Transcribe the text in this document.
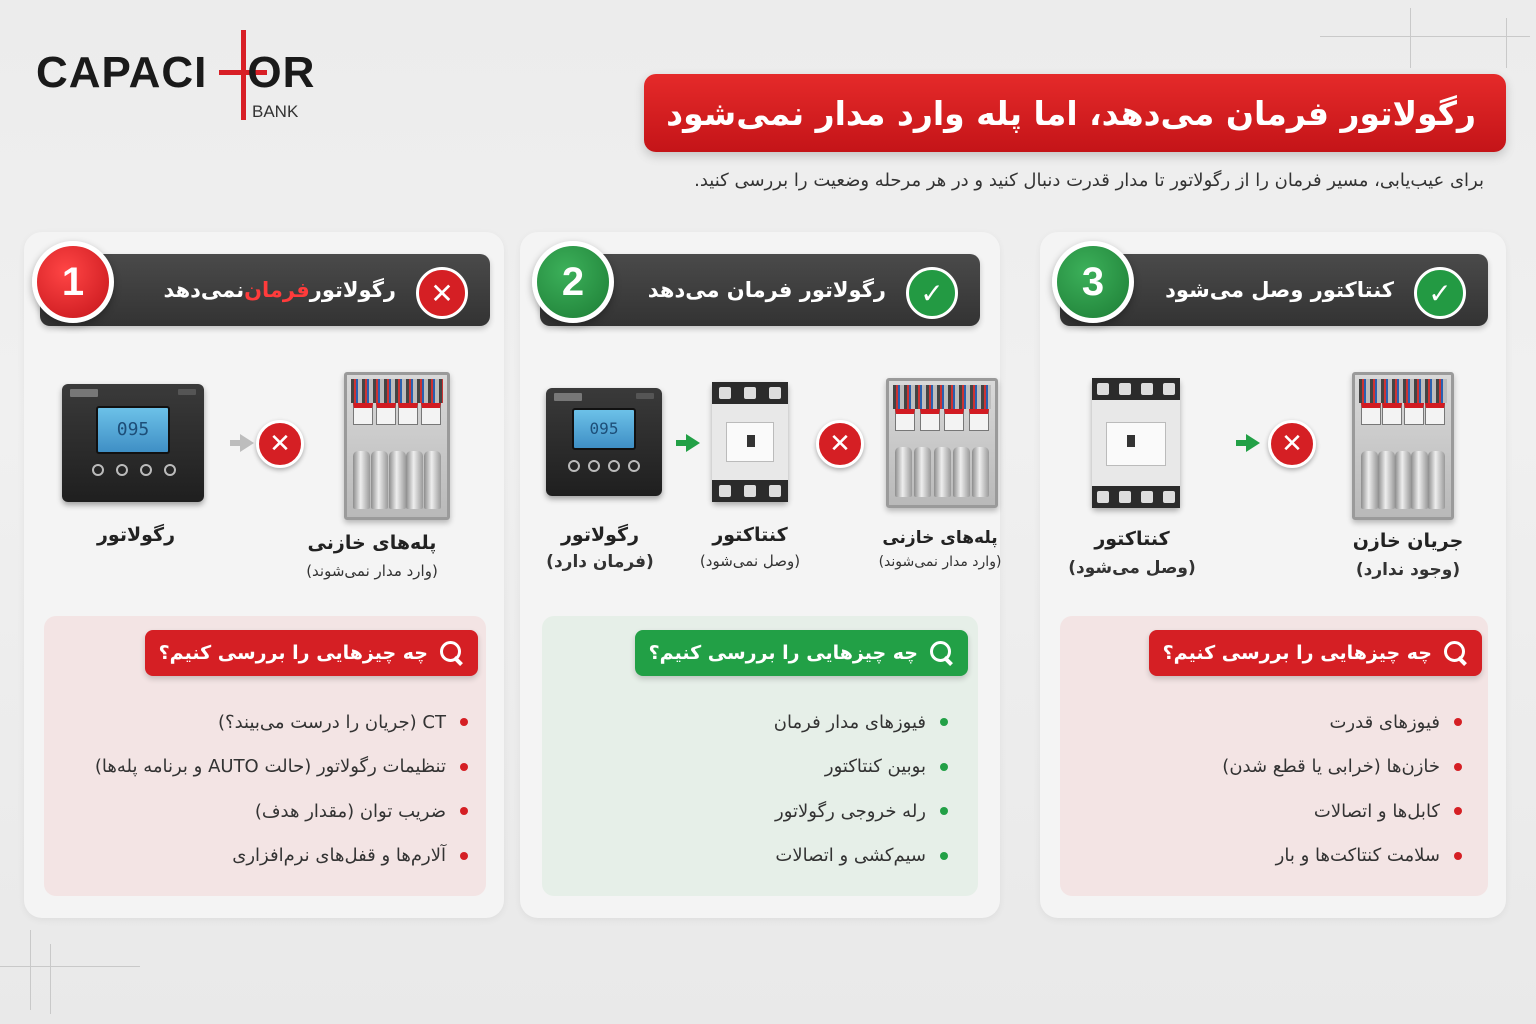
CAPACI OR
BANK	رگولاتور فرمان می‌دهد، اما پله وارد مدار نمی‌شود
برای عیب‌یابی، مسیر فرمان را از رگولاتور تا مدار قدرت دنبال کنید و در هر مرحله وضعیت را بررسی کنید.
1	رگولاتور
فرمان
نمی‌دهد	✕
095	✕
رگولاتور	پله‌های خازنی
(وارد مدار نمی‌شوند)
چه چیزهایی را بررسی کنیم؟
CT (جریان را درست می‌بیند؟)
تنظیمات رگولاتور (حالت AUTO و برنامه پله‌ها)
ضریب توان (مقدار هدف)
آلارم‌ها و قفل‌های نرم‌افزاری
2	رگولاتور فرمان می‌دهد	✓
095
✕
رگولاتور
(فرمان دارد)
کنتاکتور
(وصل نمی‌شود)
پله‌های خازنی
(وارد مدار نمی‌شوند)
چه چیزهایی را بررسی کنیم؟
فیوزهای مدار فرمان
بوبین کنتاکتور
رله خروجی رگولاتور
سیم‌کشی و اتصالات
3	کنتاکتور وصل می‌شود	✓
✕
کنتاکتور
(وصل می‌شود)
جریان خازن
(وجود ندارد)
چه چیزهایی را بررسی کنیم؟
فیوزهای قدرت
خازن‌ها (خرابی یا قطع شدن)
کابل‌ها و اتصالات
سلامت کنتاکت‌ها و بار
